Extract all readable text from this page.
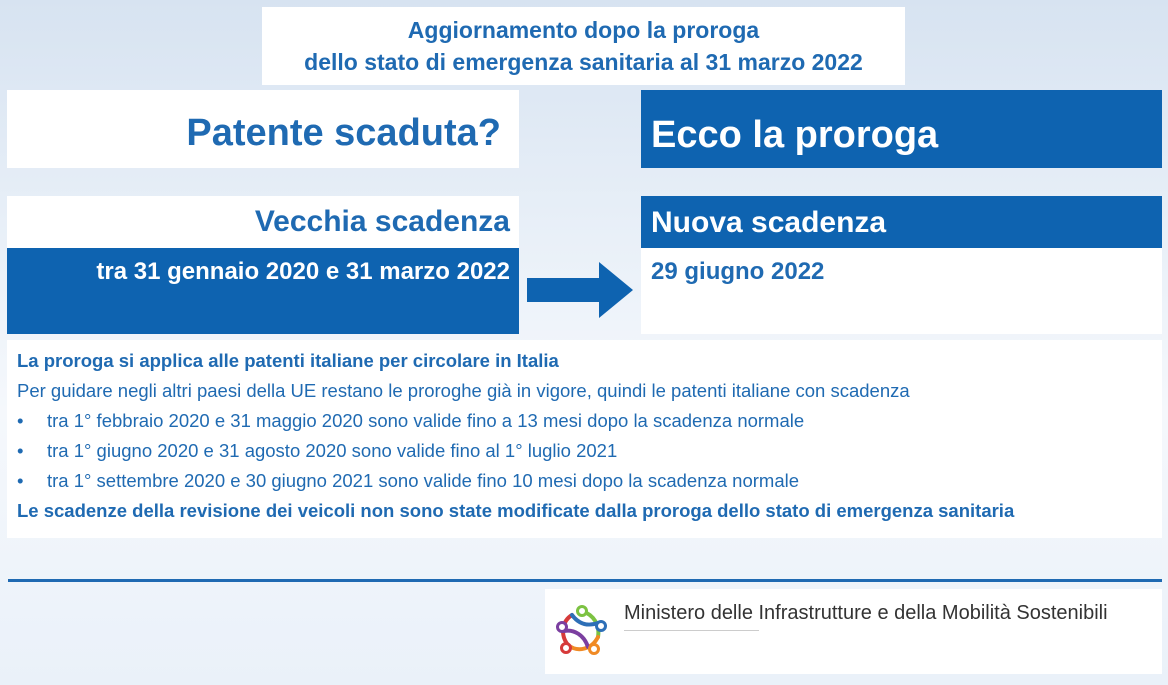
Aggiornamento dopo la proroga
dello stato di emergenza sanitaria al 31 marzo 2022
Patente scaduta?	Ecco la proroga
Vecchia scadenza
tra 31 gennaio 2020 e 31 marzo 2022
Nuova scadenza
29 giugno 2022
La proroga si applica alle patenti italiane per circolare in Italia
Per guidare negli altri paesi della UE restano le proroghe già in vigore, quindi le patenti italiane con scadenza
•	tra 1° febbraio 2020 e 31 maggio 2020 sono valide fino a 13 mesi dopo la scadenza normale
•	tra 1° giugno 2020 e 31 agosto 2020 sono valide fino al 1° luglio 2021
•	tra 1° settembre 2020 e 30 giugno 2021 sono valide fino 10 mesi dopo la scadenza normale
Le scadenze della revisione dei veicoli non sono state modificate dalla proroga dello stato di emergenza sanitaria
Ministero delle Infrastrutture e della Mobilità Sostenibili
